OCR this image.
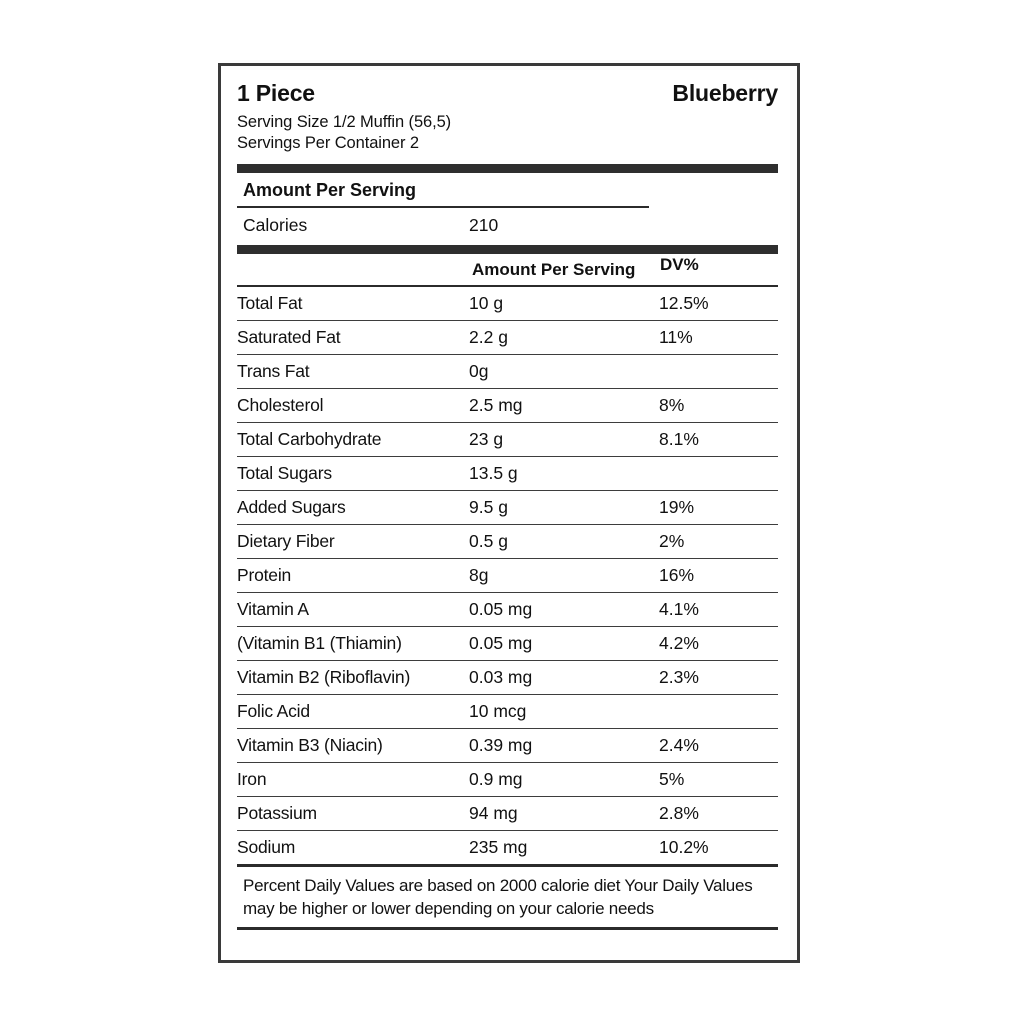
1 Piece	Blueberry
Serving Size 1/2 Muffin (56,5)
Servings Per Container 2
Amount Per Serving
Calories	210
	Amount Per Serving	DV%
Total Fat	10 g	12.5%
Saturated Fat	2.2 g	11%
Trans Fat	0g	
Cholesterol	2.5 mg	8%
Total Carbohydrate	23 g	8.1%
Total Sugars	13.5 g	
Added Sugars	9.5 g	19%
Dietary Fiber	0.5 g	2%
Protein	8g	16%
Vitamin A	0.05 mg	4.1%
(Vitamin B1 (Thiamin)	0.05 mg	4.2%
Vitamin B2 (Riboflavin)	0.03 mg	2.3%
Folic Acid	10 mcg	
Vitamin B3 (Niacin)	0.39 mg	2.4%
Iron	0.9 mg	5%
Potassium	94 mg	2.8%
Sodium	235 mg	10.2%
Percent Daily Values are based on 2000 calorie diet Your Daily Values may be higher or lower depending on your calorie needs
